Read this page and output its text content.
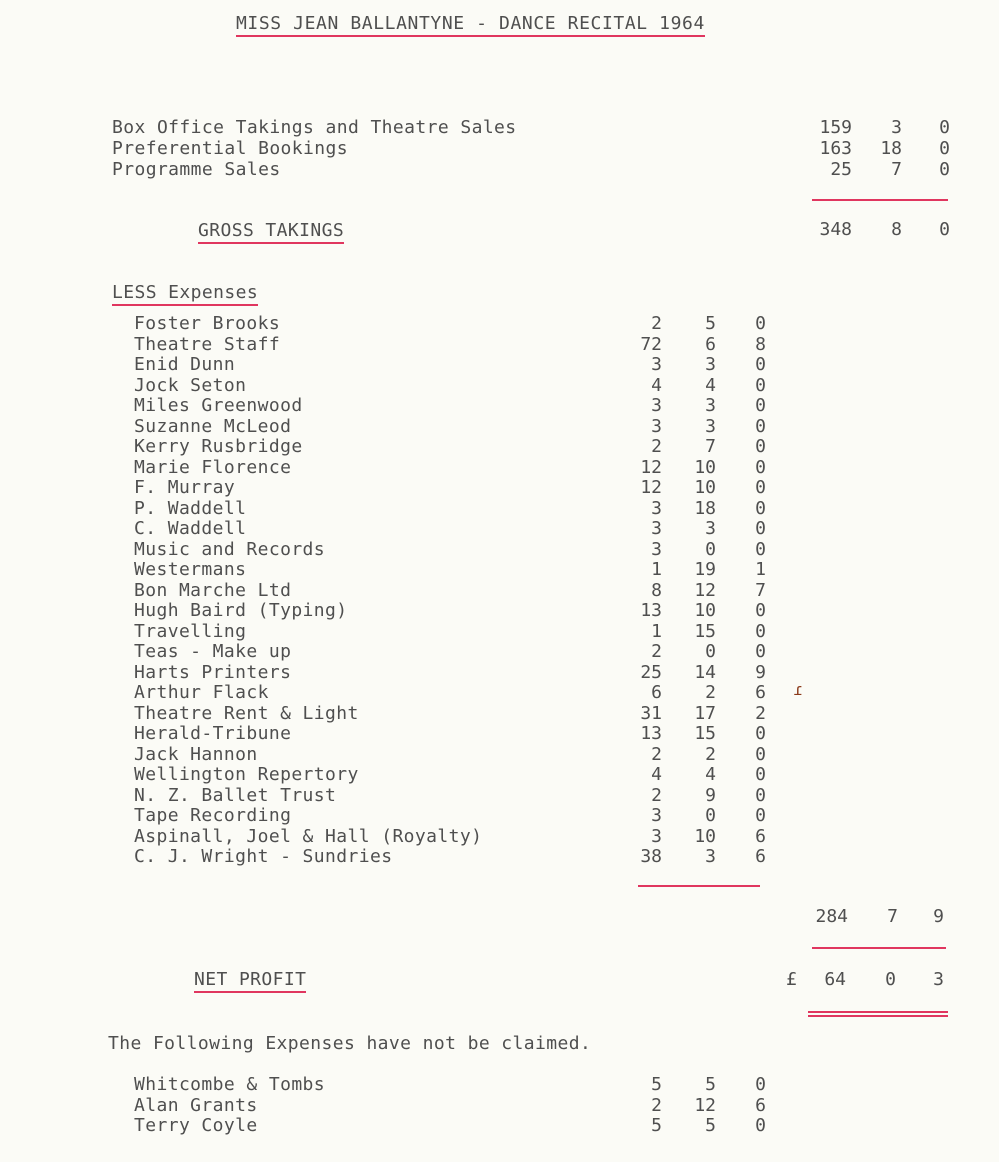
MISS JEAN BALLANTYNE - DANCE RECITAL 1964
Box Office Takings and Theatre Sales	159	3	0
Preferential Bookings	163	18	0
Programme Sales	25	7	0
GROSS TAKINGS	348	8	0
LESS Expenses
Foster Brooks	2	5	0
Theatre Staff	72	6	8
Enid Dunn	3	3	0
Jock Seton	4	4	0
Miles Greenwood	3	3	0
Suzanne McLeod	3	3	0
Kerry Rusbridge	2	7	0
Marie Florence	12	10	0
F. Murray	12	10	0
P. Waddell	3	18	0
C. Waddell	3	3	0
Music and Records	3	0	0
Westermans	1	19	1
Bon Marche Ltd	8	12	7
Hugh Baird (Typing)	13	10	0
Travelling	1	15	0
Teas - Make up	2	0	0
Harts Printers	25	14	9
Arthur Flack	6	2	6
Theatre Rent & Light	31	17	2
Herald-Tribune	13	15	0
Jack Hannon	2	2	0
Wellington Repertory	4	4	0
N. Z. Ballet Trust	2	9	0
Tape Recording	3	0	0
Aspinall, Joel & Hall (Royalty)	3	10	6
C. J. Wright - Sundries	38	3	6
284	7	9
NET PROFIT	£	64	0	3
The Following Expenses have not be claimed.
Whitcombe & Tombs	5	5	0
Alan Grants	2	12	6
Terry Coyle	5	5	0
ɾ
